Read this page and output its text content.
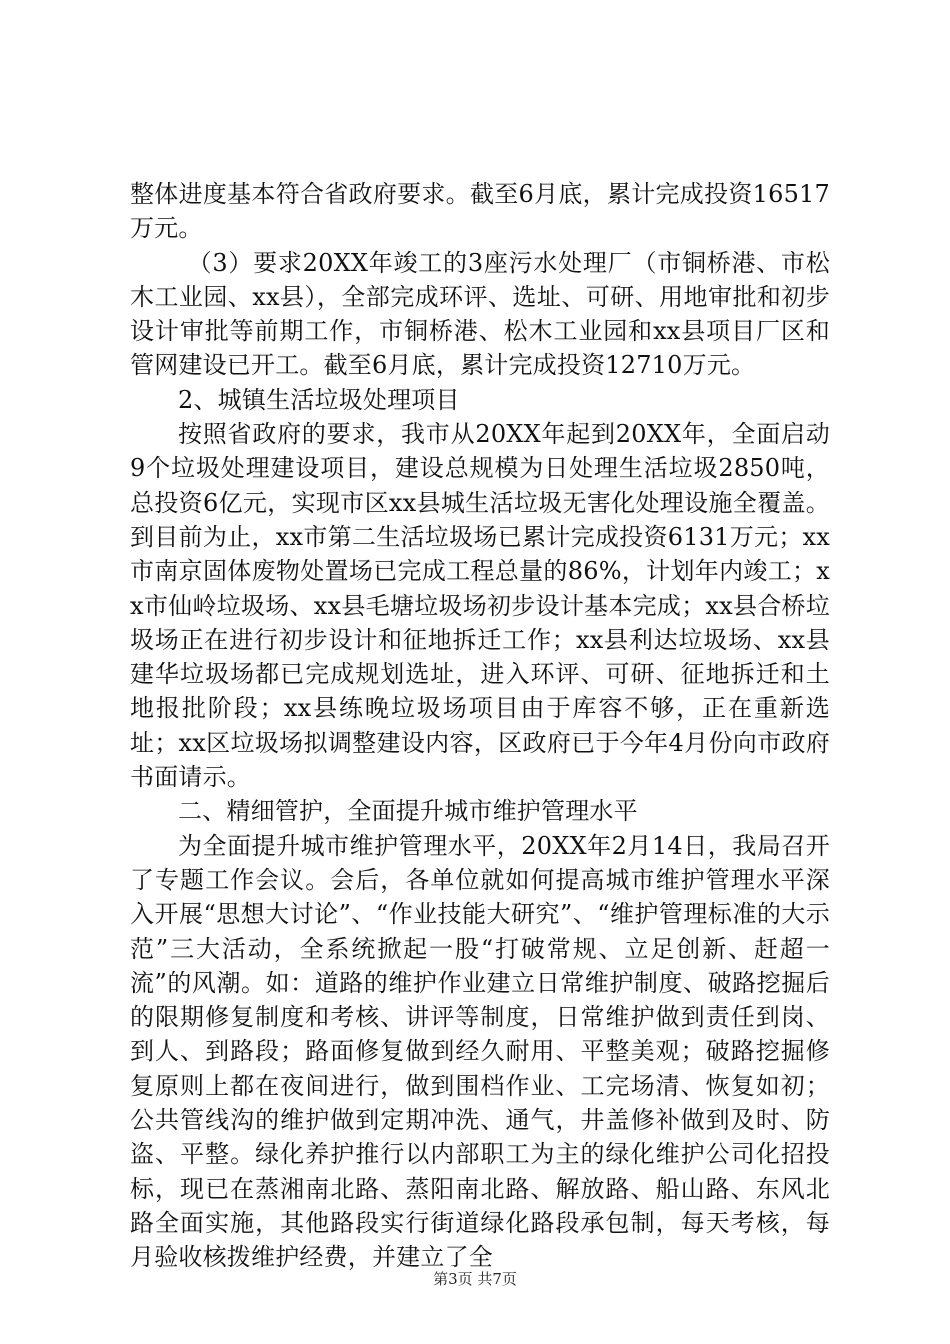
整体进度基本符合省政府要求。截至6月底，累计完成投资16517万元。

（3）要求20XX年竣工的3座污水处理厂（市铜桥港、市松木工业园、xx县），全部完成环评、选址、可研、用地审批和初步设计审批等前期工作，市铜桥港、松木工业园和xx县项目厂区和管网建设已开工。截至6月底，累计完成投资12710万元。

2、城镇生活垃圾处理项目

按照省政府的要求，我市从20XX年起到20XX年，全面启动9个垃圾处理建设项目，建设总规模为日处理生活垃圾2850吨，总投资6亿元，实现市区xx县城生活垃圾无害化处理设施全覆盖。到目前为止，xx市第二生活垃圾场已累计完成投资6131万元；xx市南京固体废物处置场已完成工程总量的86%，计划年内竣工；xx市仙岭垃圾场、xx县毛塘垃圾场初步设计基本完成；xx县合桥垃圾场正在进行初步设计和征地拆迁工作；xx县利达垃圾场、xx县建华垃圾场都已完成规划选址，进入环评、可研、征地拆迁和土地报批阶段；xx县练晚垃圾场项目由于库容不够，正在重新选址；xx区垃圾场拟调整建设内容，区政府已于今年4月份向市政府书面请示。

二、精细管护，全面提升城市维护管理水平

为全面提升城市维护管理水平，20XX年2月14日，我局召开了专题工作会议。会后，各单位就如何提高城市维护管理水平深入开展“思想大讨论”、“作业技能大研究”、“维护管理标准的大示范”三大活动，全系统掀起一股“打破常规、立足创新、赶超一流”的风潮。如：道路的维护作业建立日常维护制度、破路挖掘后的限期修复制度和考核、讲评等制度，日常维护做到责任到岗、到人、到路段；路面修复做到经久耐用、平整美观；破路挖掘修复原则上都在夜间进行，做到围档作业、工完场清、恢复如初；公共管线沟的维护做到定期冲洗、通气，井盖修补做到及时、防盗、平整。绿化养护推行以内部职工为主的绿化维护公司化招投标，现已在蒸湘南北路、蒸阳南北路、解放路、船山路、东风北路全面实施，其他路段实行街道绿化路段承包制，每天考核，每月验收核拨维护经费，并建立了全

第3页 共7页
